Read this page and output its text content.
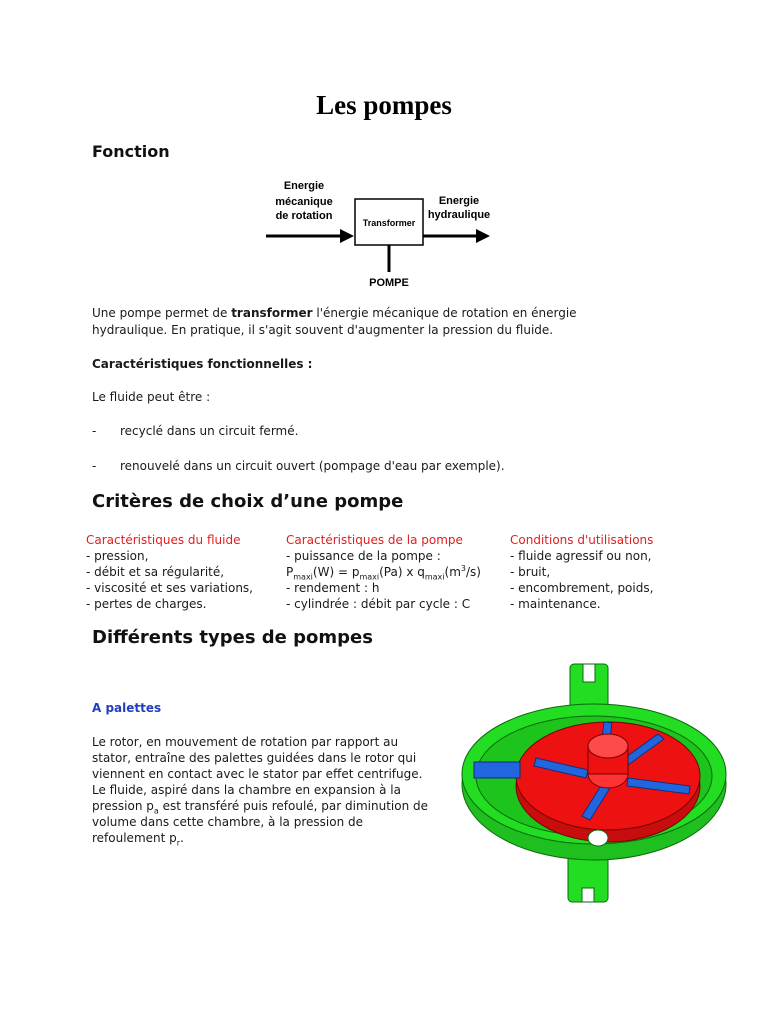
Les pompes
Fonction
Energie
mécanique
de rotation
Transformer
Energie
hydraulique
POMPE
Une pompe permet de transformer l'énergie mécanique de rotation en énergie hydraulique. En pratique, il s'agit souvent d'augmenter la pression du fluide.
Caractéristiques fonctionnelles :
Le fluide peut être :
- recyclé dans un circuit fermé.
- renouvelé dans un circuit ouvert (pompage d'eau par exemple).
Critères de choix d’une pompe
Caractéristiques du fluide
- pression,
- débit et sa régularité,
- viscosité et ses variations,
- pertes de charges.
Caractéristiques de la pompe
- puissance de la pompe :
$P_{maxi}(W) = p_{maxi}(Pa)$ x $q_{maxi}(m^3/s)$
- rendement : h
- cylindrée : débit par cycle : C
Conditions d'utilisations
- fluide agressif ou non,
- bruit,
- encombrement, poids,
- maintenance.
Différents types de pompes
A palettes
Le rotor, en mouvement de rotation par rapport au stator, entraîne des palettes guidées dans le rotor qui viennent en contact avec le stator par effet centrifuge. Le fluide, aspiré dans la chambre en expansion à la pression $p_a$ est transféré puis refoulé, par diminution de volume dans cette chambre, à la pression de refoulement $p_r$.
